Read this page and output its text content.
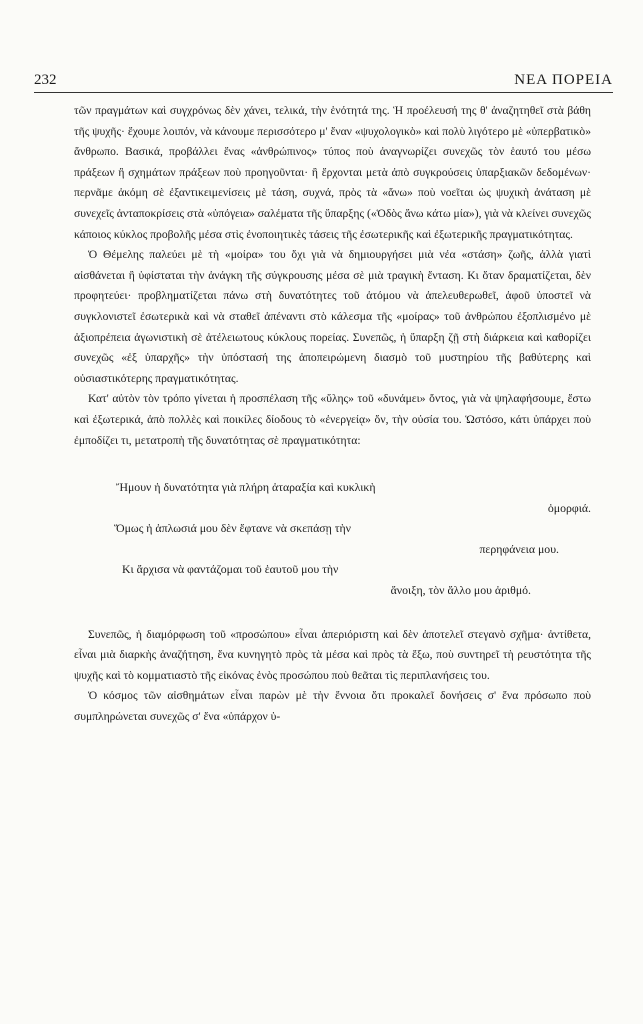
232	ΝΕΑ ΠΟΡΕΙΑ

τῶν πραγμάτων καὶ συγχρόνως δὲν χάνει, τελικά, τὴν ἑνότητά της. Ἡ προέλευσή της θ' ἀναζητηθεῖ στὰ βάθη τῆς ψυχῆς· ἔχουμε λοιπόν, νὰ κάνουμε περισσότερο μ' ἕναν «ψυχολογικὸ» καὶ πολὺ λιγότερο μὲ «ὑπερβατικὸ» ἄνθρωπο. Βασικά, προβάλλει ἕνας «ἀνθρώπινος» τύπος ποὺ ἀναγνωρίζει συνεχῶς τὸν ἑαυτό του μέσω πράξεων ἢ σχημάτων πράξεων ποὺ προηγοῦνται· ἢ ἔρχονται μετὰ ἀπὸ συγκρούσεις ὑπαρξιακῶν δεδομένων· περνᾶμε ἀκόμη σὲ ἐξαντικειμενίσεις μὲ τάση, συχνά, πρὸς τὰ «ἄνω» ποὺ νοεῖται ὡς ψυχικὴ ἀνάταση μὲ συνεχεῖς ἀνταποκρίσεις στὰ «ὑπόγεια» σαλέματα τῆς ὕπαρξης («Ὁδὸς ἄνω κάτω μία»), γιὰ νὰ κλείνει συνεχῶς κάποιος κύκλος προβολῆς μέσα στὶς ἐνοποιητικὲς τάσεις τῆς ἐσωτερικῆς καὶ ἐξωτερικῆς πραγματικότητας.

Ὁ Θέμελης παλεύει μὲ τὴ «μοίρα» του ὄχι γιὰ νὰ δημιουργήσει μιὰ νέα «στάση» ζωῆς, ἀλλὰ γιατὶ αἰσθάνεται ἢ ὑφίσταται τὴν ἀνάγκη τῆς σύγκρουσης μέσα σὲ μιὰ τραγικὴ ἔνταση. Κι ὅταν δραματίζεται, δὲν προφητεύει· προβληματίζεται πάνω στὴ δυνατότητες τοῦ ἀτόμου νὰ ἀπελευθερωθεῖ, ἀφοῦ ὑποστεῖ νὰ συγκλονιστεῖ ἐσωτερικὰ καὶ νὰ σταθεῖ ἀπέναντι στὸ κάλεσμα τῆς «μοίρας» τοῦ ἀνθρώπου ἐξοπλισμένο μὲ ἀξιοπρέπεια ἀγωνιστικὴ σὲ ἀτέλειωτους κύκλους πορείας. Συνεπῶς, ἡ ὕπαρξη ζῇ στὴ διάρκεια καὶ καθορίζει συνεχῶς «ἐξ ὑπαρχῆς» τὴν ὑπόστασή της ἀποπειρώμενη διασμὸ τοῦ μυστηρίου τῆς βαθύτερης καὶ οὐσιαστικότερης πραγματικότητας.

Κατ' αὐτὸν τὸν τρόπο γίνεται ἡ προσπέλαση τῆς «ὕλης» τοῦ «δυνάμει» ὄντος, γιὰ νὰ ψηλαφήσουμε, ἔστω καὶ ἐξωτερικά, ἀπὸ πολλὲς καὶ ποικίλες δίοδους τὸ «ἐνεργείᾳ» ὄν, τὴν οὐσία του. Ὡστόσο, κάτι ὑπάρχει ποὺ ἐμποδίζει τι, μετατροπὴ τῆς δυνατότητας σὲ πραγματικότητα:

Ἤμουν ἡ δυνατότητα γιὰ πλήρη ἀταραξία καὶ κυκλικὴ
ὁμορφιά.
Ὅμως ἡ ἁπλωσιά μου δὲν ἔφτανε νὰ σκεπάσῃ τὴν
περηφάνεια μου.
Κι ἄρχισα νὰ φαντάζομαι τοῦ ἑαυτοῦ μου τὴν
ἄνοιξη, τὸν ἄλλο μου ἀριθμό.

Συνεπῶς, ἡ διαμόρφωση τοῦ «προσώπου» εἶναι ἀπεριόριστη καὶ δὲν ἀποτελεῖ στεγανὸ σχῆμα· ἀντίθετα, εἶναι μιὰ διαρκὴς ἀναζήτηση, ἕνα κυνηγητὸ πρὸς τὰ μέσα καὶ πρὸς τὰ ἔξω, ποὺ συντηρεῖ τὴ ρευστότητα τῆς ψυχῆς καὶ τὸ κομματιαστὸ τῆς εἰκόνας ἑνὸς προσώπου ποὺ θεᾶται τὶς περιπλανήσεις του.

Ὁ κόσμος τῶν αἰσθημάτων εἶναι παρὼν μὲ τὴν ἔννοια ὅτι προκαλεῖ δονήσεις σ' ἕνα πρόσωπο ποὺ συμπληρώνεται συνεχῶς σ' ἕνα «ὑπάρχον ὑ-
